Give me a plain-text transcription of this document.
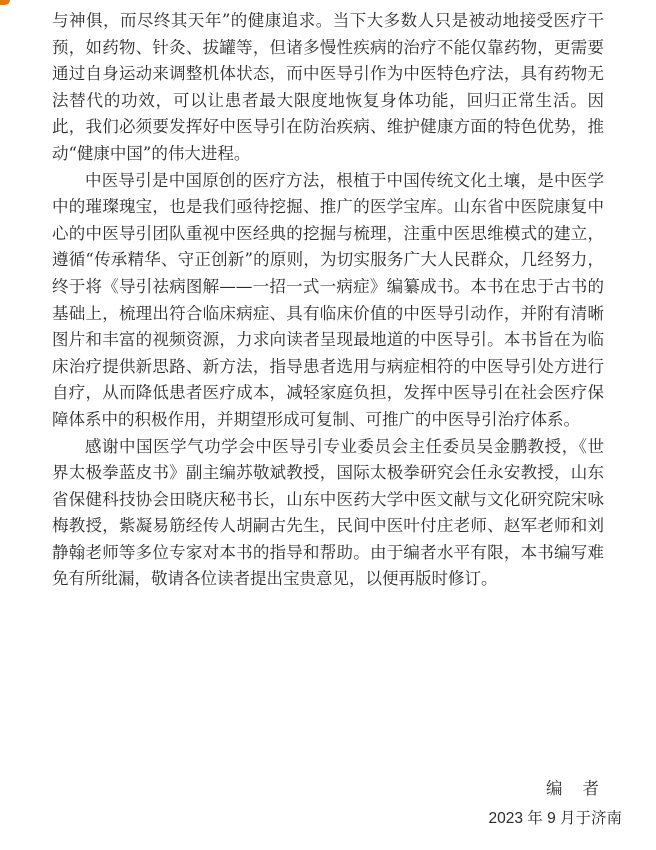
与神俱，而尽终其天年”的健康追求。当下大多数人只是被动地接受医疗干预，如药物、针灸、拔罐等，但诸多慢性疾病的治疗不能仅靠药物，更需要通过自身运动来调整机体状态，而中医导引作为中医特色疗法，具有药物无法替代的功效，可以让患者最大限度地恢复身体功能，回归正常生活。因此，我们必须要发挥好中医导引在防治疾病、维护健康方面的特色优势，推动“健康中国”的伟大进程。

中医导引是中国原创的医疗方法，根植于中国传统文化土壤，是中医学中的璀璨瑰宝，也是我们亟待挖掘、推广的医学宝库。山东省中医院康复中心的中医导引团队重视中医经典的挖掘与梳理，注重中医思维模式的建立，遵循“传承精华、守正创新”的原则，为切实服务广大人民群众，几经努力，终于将《导引祛病图解——一招一式一病症》编纂成书。本书在忠于古书的基础上，梳理出符合临床病症、具有临床价值的中医导引动作，并附有清晰图片和丰富的视频资源，力求向读者呈现最地道的中医导引。本书旨在为临床治疗提供新思路、新方法，指导患者选用与病症相符的中医导引处方进行自疗，从而降低患者医疗成本，减轻家庭负担，发挥中医导引在社会医疗保障体系中的积极作用，并期望形成可复制、可推广的中医导引治疗体系。

感谢中国医学气功学会中医导引专业委员会主任委员吴金鹏教授，《世界太极拳蓝皮书》副主编苏敬斌教授，国际太极拳研究会任永安教授，山东省保健科技协会田晓庆秘书长，山东中医药大学中医文献与文化研究院宋咏梅教授，紫凝易筋经传人胡嗣古先生，民间中医叶付庄老师、赵军老师和刘静翰老师等多位专家对本书的指导和帮助。由于编者水平有限，本书编写难免有所纰漏，敬请各位读者提出宝贵意见，以便再版时修订。

编者
2023 年 9 月于济南
